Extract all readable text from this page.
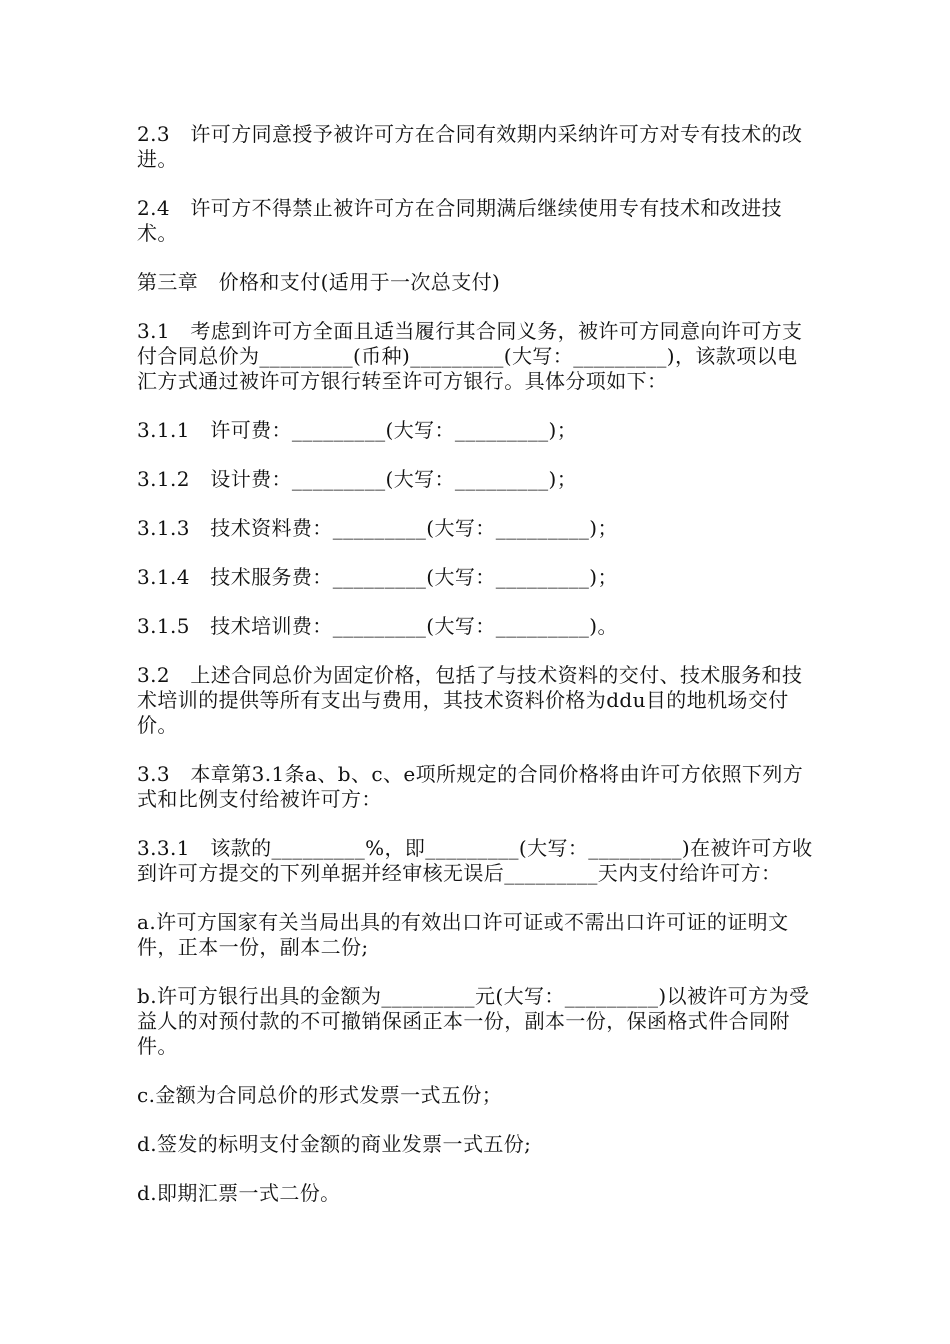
2.3　许可方同意授予被许可方在合同有效期内采纳许可方对专有技术的改进。

2.4　许可方不得禁止被许可方在合同期满后继续使用专有技术和改进技术。

第三章　价格和支付(适用于一次总支付)

3.1　考虑到许可方全面且适当履行其合同义务，被许可方同意向许可方支付合同总价为_________(币种)_________(大写：_________)，该款项以电汇方式通过被许可方银行转至许可方银行。具体分项如下：

3.1.1　许可费：_________(大写：_________)；

3.1.2　设计费：_________(大写：_________)；

3.1.3　技术资料费：_________(大写：_________)；

3.1.4　技术服务费：_________(大写：_________)；

3.1.5　技术培训费：_________(大写：_________)。

3.2　上述合同总价为固定价格，包括了与技术资料的交付、技术服务和技术培训的提供等所有支出与费用，其技术资料价格为ddu目的地机场交付价。

3.3　本章第3.1条a、b、c、e项所规定的合同价格将由许可方依照下列方式和比例支付给被许可方：

3.3.1　该款的_________%，即_________(大写：_________)在被许可方收到许可方提交的下列单据并经审核无误后_________天内支付给许可方：

a.许可方国家有关当局出具的有效出口许可证或不需出口许可证的证明文件，正本一份，副本二份;

b.许可方银行出具的金额为_________元(大写：_________)以被许可方为受益人的对预付款的不可撤销保函正本一份，副本一份，保函格式件合同附件。

c.金额为合同总价的形式发票一式五份；

d.签发的标明支付金额的商业发票一式五份;

d.即期汇票一式二份。
